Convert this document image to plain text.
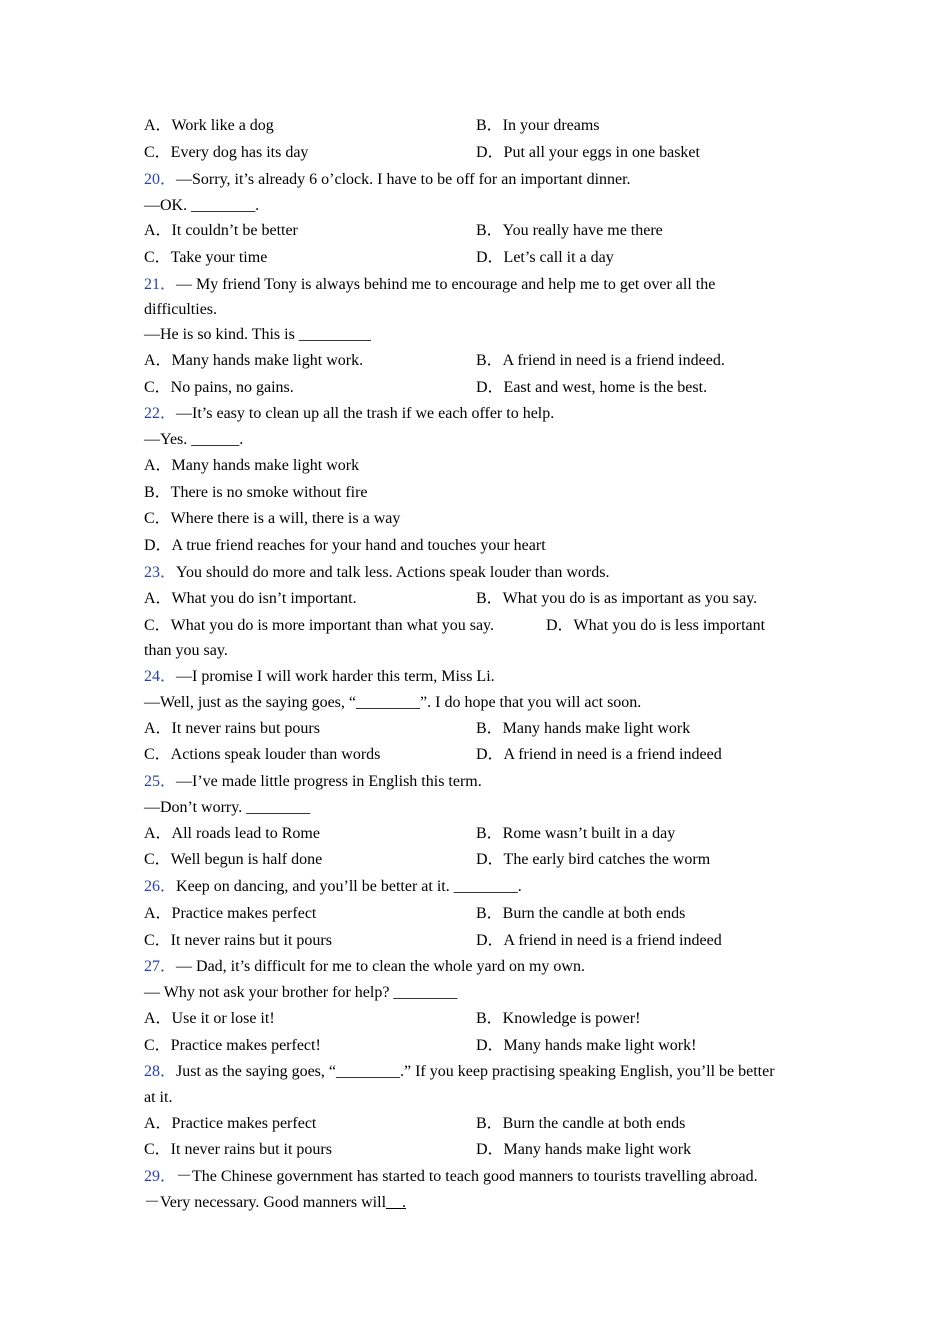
A．Work like a dog	B．In your dreams
C．Every dog has its day	D．Put all your eggs in one basket
20．—Sorry, it’s already 6 o’clock. I have to be off for an important dinner.
—OK. ________.
A．It couldn’t be better	B．You really have me there
C．Take your time	D．Let’s call it a day
21．— My friend Tony is always behind me to encourage and help me to get over all the
difficulties.
—He is so kind. This is _________
A．Many hands make light work.	B．A friend in need is a friend indeed.
C．No pains, no gains.	D．East and west, home is the best.
22．—It’s easy to clean up all the trash if we each offer to help.
—Yes. ______.
A．Many hands make light work
B．There is no smoke without fire
C．Where there is a will, there is a way
D．A true friend reaches for your hand and touches your heart
23．You should do more and talk less. Actions speak louder than words.
A．What you do isn’t important.	B．What you do is as important as you say.
C．What you do is more important than what you say.	D．What you do is less important
than you say.
24．—I promise I will work harder this term, Miss Li.
—Well, just as the saying goes, “________”. I do hope that you will act soon.
A．It never rains but pours	B．Many hands make light work
C．Actions speak louder than words	D．A friend in need is a friend indeed
25．—I’ve made little progress in English this term.
—Don’t worry. ________
A．All roads lead to Rome	B．Rome wasn’t built in a day
C．Well begun is half done	D．The early bird catches the worm
26．Keep on dancing, and you’ll be better at it. ________.
A．Practice makes perfect	B．Burn the candle at both ends
C．It never rains but it pours	D．A friend in need is a friend indeed
27．— Dad, it’s difficult for me to clean the whole yard on my own.
— Why not ask your brother for help? ________
A．Use it or lose it!	B．Knowledge is power!
C．Practice makes perfect!	D．Many hands make light work!
28．Just as the saying goes, “________.” If you keep practising speaking English, you’ll be better
at it.
A．Practice makes perfect	B．Burn the candle at both ends
C．It never rains but it pours	D．Many hands make light work
29．－The Chinese government has started to teach good manners to tourists travelling abroad.
－Very necessary. Good manners will__.
